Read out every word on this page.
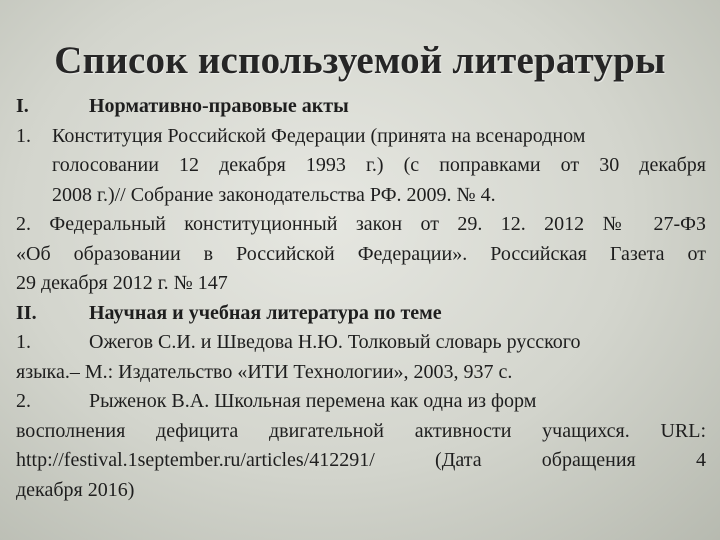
Список используемой литературы
I.	Нормативно-правовые акты
1. Конституция Российской Федерации (принята на всенародном
голосовании 12 декабря 1993 г.) (с поправками от 30 декабря
2008 г.)// Собрание законодательства РФ. 2009. № 4.
2. Федеральный конституционный закон от 29. 12. 2012 № 27-ФЗ
«Об образовании в Российской Федерации». Российская Газета от
29 декабря 2012 г. № 147
II.	Научная и учебная литература по теме
1.	Ожегов С.И. и Шведова Н.Ю. Толковый словарь русского
языка.– М.: Издательство «ИТИ Технологии», 2003, 937 с.
2.	Рыженок В.А. Школьная перемена как одна из форм
восполнения дефицита двигательной активности учащихся. URL:
http://festival.1september.ru/articles/412291/ (Дата обращения 4
декабря 2016)
